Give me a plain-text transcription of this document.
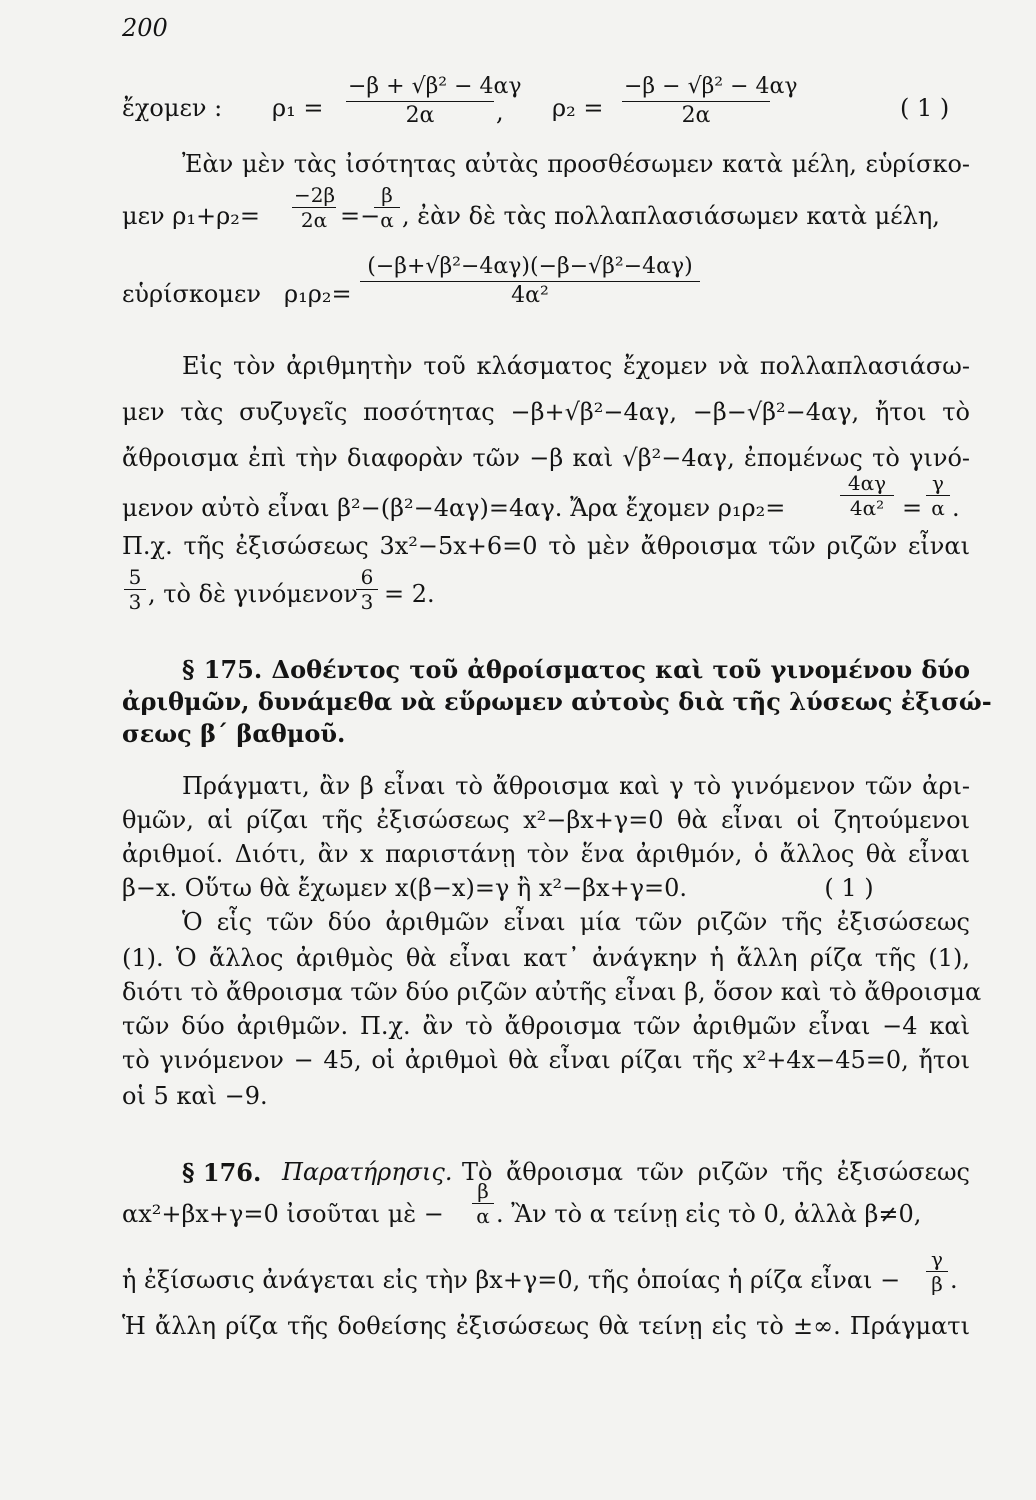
200
ἔχομεν : ρ₁ =
−β + √β² − 4αγ
2α	, ρ₂ =
−β − √β² − 4αγ
2α	( 1 )
Ἐὰν μὲν τὰς ἰσότητας αὐτὰς προσθέσωμεν κατὰ μέλη, εὑρίσκο-
μεν ρ₁+ρ₂=
−2β
2α =−
β
α , ἐὰν δὲ τὰς πολλαπλασιάσωμεν κατὰ μέλη,
εὑρίσκομεν ρ₁ρ₂=
(−β+√β²−4αγ)(−β−√β²−4αγ)
4α²
Εἰς τὸν ἀριθμητὴν τοῦ κλάσματος ἔχομεν νὰ πολλαπλασιάσω-
μεν τὰς συζυγεῖς ποσότητας −β+√β²−4αγ, −β−√β²−4αγ, ἤτοι τὸ
ἄθροισμα ἐπὶ τὴν διαφορὰν τῶν −β καὶ √β²−4αγ, ἐπομένως τὸ γινό-
μενον αὐτὸ εἶναι β²−(β²−4αγ)=4αγ. Ἄρα ἔχομεν ρ₁ρ₂=
4αγ
4α² =
γ
α .
Π.χ. τῆς ἐξισώσεως 3x²−5x+6=0 τὸ μὲν ἄθροισμα τῶν ριζῶν εἶναι
5
3 , τὸ δὲ γινόμενον
6
3 = 2.
§ 175. Δοθέντος τοῦ ἀθροίσματος καὶ τοῦ γινομένου δύο
ἀριθμῶν, δυνάμεθα νὰ εὕρωμεν αὐτοὺς διὰ τῆς λύσεως ἐξισώ-
σεως β΄ βαθμοῦ.
Πράγματι, ἂν β εἶναι τὸ ἄθροισμα καὶ γ τὸ γινόμενον τῶν ἀρι-
θμῶν, αἱ ρίζαι τῆς ἐξισώσεως x²−βx+γ=0 θὰ εἶναι οἱ ζητούμενοι
ἀριθμοί. Διότι, ἂν x παριστάνῃ τὸν ἕνα ἀριθμόν, ὁ ἄλλος θὰ εἶναι
β−x. Οὕτω θὰ ἔχωμεν x(β−x)=γ ἢ x²−βx+γ=0.                  ( 1 )
Ὁ εἷς τῶν δύο ἀριθμῶν εἶναι μία τῶν ριζῶν τῆς ἐξισώσεως
(1). Ὁ ἄλλος ἀριθμὸς θὰ εἶναι κατ᾽ ἀνάγκην ἡ ἄλλη ρίζα τῆς (1),
διότι τὸ ἄθροισμα τῶν δύο ριζῶν αὐτῆς εἶναι β, ὅσον καὶ τὸ ἄθροισμα
τῶν δύο ἀριθμῶν. Π.χ. ἂν τὸ ἄθροισμα τῶν ἀριθμῶν εἶναι −4 καὶ
τὸ γινόμενον − 45, οἱ ἀριθμοὶ θὰ εἶναι ρίζαι τῆς x²+4x−45=0, ἤτοι
οἱ 5 καὶ −9.
§ 176. Παρατήρησις. Τὸ ἄθροισμα τῶν ριζῶν τῆς ἐξισώσεως
αx²+βx+γ=0 ἰσοῦται μὲ −
β
α . Ἂν τὸ α τείνῃ εἰς τὸ 0, ἀλλὰ β≠0,
ἡ ἐξίσωσις ἀνάγεται εἰς τὴν βx+γ=0, τῆς ὁποίας ἡ ρίζα εἶναι −
γ
β .
Ἡ ἄλλη ρίζα τῆς δοθείσης ἐξισώσεως θὰ τείνῃ εἰς τὸ ±∞. Πράγματι
